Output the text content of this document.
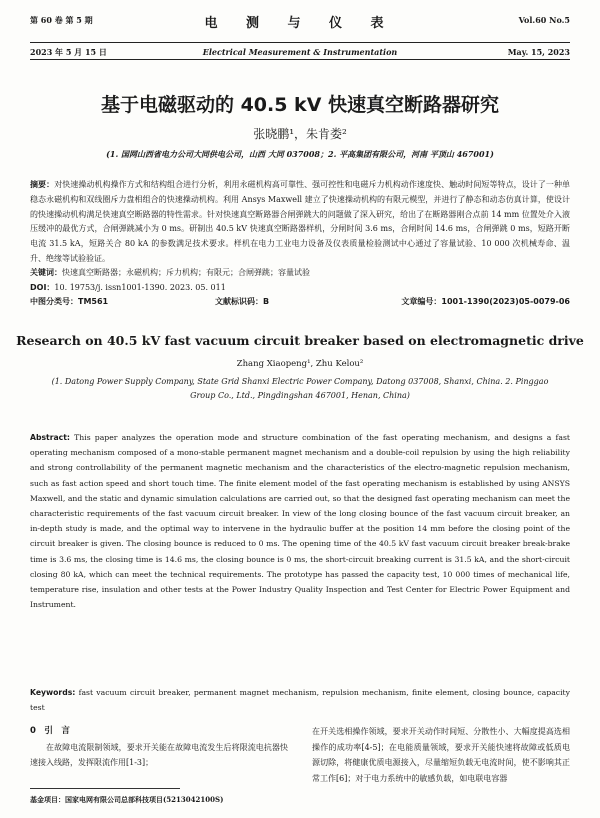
第 60 卷 第 5 期
2023 年 5 月 15 日
电 测 与 仪 表
Electrical Measurement & Instrumentation
Vol.60 No.5
May. 15, 2023
基于电磁驱动的 40.5 kV 快速真空断路器研究
张晓鹏¹，朱肯娄²
(1. 国网山西省电力公司大同供电公司，山西 大同 037008；2. 平高集团有限公司，河南 平顶山 467001)
摘要：对快速操动机构操作方式和结构组合进行分析，利用永磁机构高可靠性、强可控性和电磁斥力机构动作速度快、触动时间短等特点，设计了一种单稳态永磁机构和双线圈斥力盘相组合的快速操动机构。利用 Ansys Maxwell 建立了快速操动机构的有限元模型，并进行了静态和动态仿真计算，使设计的快速操动机构满足快速真空断路器的特性需求。针对快速真空断路器合闸弹跳大的问题做了深入研究，给出了在断路器刚合点前 14 mm 位置处介入液压缓冲的最优方式，合闸弹跳减小为 0 ms。研制出 40.5 kV 快速真空断路器样机，分闸时间 3.6 ms，合闸时间 14.6 ms，合闸弹跳 0 ms，短路开断电流 31.5 kA，短路关合 80 kA 的参数满足技术要求。样机在电力工业电力设备及仪表质量检验测试中心通过了容量试验、10 000 次机械寿命、温升、绝缘等试验验证。
关键词：快速真空断路器；永磁机构；斥力机构；有限元；合闸弹跳；容量试验
DOI：10. 19753/j. issn1001-1390. 2023. 05. 011
中图分类号：TM561	文献标识码：B	文章编号：1001-1390(2023)05-0079-06
Research on 40.5 kV fast vacuum circuit breaker based on electromagnetic drive
Zhang Xiaopeng¹, Zhu Kelou²
(1. Datong Power Supply Company, State Grid Shanxi Electric Power Company, Datong 037008, Shanxi, China. 2. Pinggao Group Co., Ltd., Pingdingshan 467001, Henan, China)
Abstract: This paper analyzes the operation mode and structure combination of the fast operating mechanism, and designs a fast operating mechanism composed of a mono-stable permanent magnet mechanism and a double-coil repulsion by using the high reliability and strong controllability of the permanent magnetic mechanism and the characteristics of the electro-magnetic repulsion mechanism, such as fast action speed and short touch time. The finite element model of the fast operating mechanism is established by using ANSYS Maxwell, and the static and dynamic simulation calculations are carried out, so that the designed fast operating mechanism can meet the characteristic requirements of the fast vacuum circuit breaker. In view of the long closing bounce of the fast vacuum circuit breaker, an in-depth study is made, and the optimal way to intervene in the hydraulic buffer at the position 14 mm before the closing point of the circuit breaker is given. The closing bounce is reduced to 0 ms. The opening time of the 40.5 kV fast vacuum circuit breaker break-brake time is 3.6 ms, the closing time is 14.6 ms, the closing bounce is 0 ms, the short-circuit breaking current is 31.5 kA, and the short-circuit closing 80 kA, which can meet the technical requirements. The prototype has passed the capacity test, 10 000 times of mechanical life, temperature rise, insulation and other tests at the Power Industry Quality Inspection and Test Center for Electric Power Equipment and Instrument.
Keywords: fast vacuum circuit breaker, permanent magnet mechanism, repulsion mechanism, finite element, closing bounce, capacity test
0　引　言
在故障电流限制领域，要求开关能在故障电流发生后将限流电抗器快速接入线路，发挥限流作用[1-3]；
在开关选相操作领域，要求开关动作时间短、分散性小、大幅度提高选相操作的成功率[4-5]；在电能质量领域，要求开关能快速将故障或低质电源切除，将健康优质电源接入，尽量缩短负载无电流时间，使不影响其正常工作[6]；对于电力系统中的敏感负载，如电联电容器
基金项目：国家电网有限公司总部科技项目(5213042100S)
